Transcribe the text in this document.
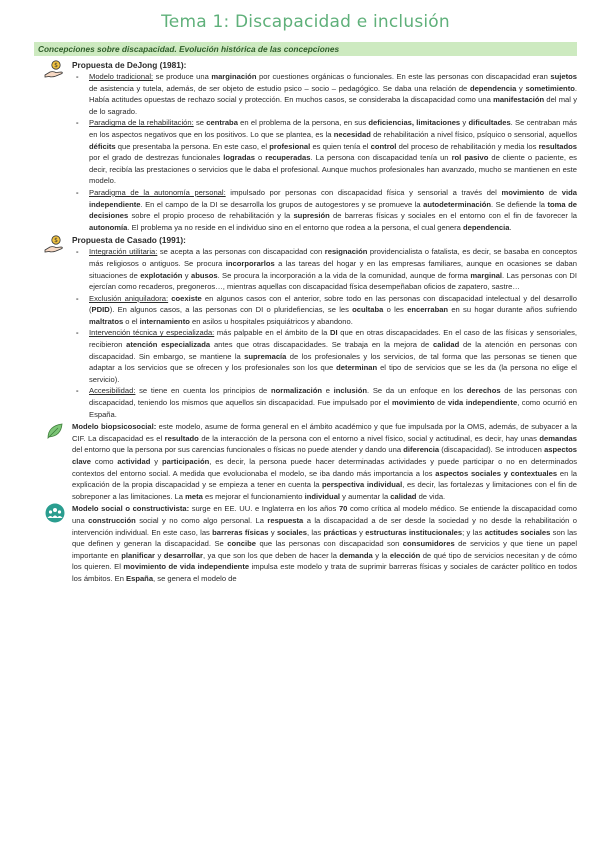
Tema 1: Discapacidad e inclusión
Concepciones sobre discapacidad. Evolución histórica de las concepciones
$ Propuesta de DeJong (1981):
- Modelo tradicional: se produce una marginación por cuestiones orgánicas o funcionales. En este las personas con discapacidad eran sujetos de asistencia y tutela, además, de ser objeto de estudio psico – socio – pedagógico. Se daba una relación de dependencia y sometimiento. Había actitudes opuestas de rechazo social y protección. En muchos casos, se consideraba la discapacidad como una manifestación del mal y de lo sagrado.
- Paradigma de la rehabilitación: se centraba en el problema de la persona, en sus deficiencias, limitaciones y dificultades. Se centraban más en los aspectos negativos que en los positivos. Lo que se plantea, es la necesidad de rehabilitación a nivel físico, psíquico o sensorial, aquellos déficits que presentaba la persona. En este caso, el profesional es quien tenía el control del proceso de rehabilitación y media los resultados por el grado de destrezas funcionales logradas o recuperadas. La persona con discapacidad tenía un rol pasivo de cliente o paciente, es decir, recibía las prestaciones o servicios que le daba el profesional. Aunque muchos profesionales han avanzado, mucho se mantienen en este modelo.
- Paradigma de la autonomía personal: impulsado por personas con discapacidad física y sensorial a través del movimiento de vida independiente. En el campo de la DI se desarrolla los grupos de autogestores y se promueve la autodeterminación. Se defiende la toma de decisiones sobre el propio proceso de rehabilitación y la supresión de barreras físicas y sociales en el entorno con el fin de favorecer la autonomía. El problema ya no reside en el individuo sino en el entorno que rodea a la persona, el cual genera dependencia.
$ Propuesta de Casado (1991):
- Integración utilitaria: se acepta a las personas con discapacidad con resignación providencialista o fatalista, es decir, se basaba en conceptos más religiosos o antiguos. Se procura incorporarlos a las tareas del hogar y en las empresas familiares, aunque en ocasiones se daban situaciones de explotación y abusos. Se procura la incorporación a la vida de la comunidad, aunque de forma marginal. Las personas con DI ejercían como recaderos, pregoneros…, mientras aquellas con discapacidad física desempeñaban oficios de zapatero, sastre…
- Exclusión aniquiladora: coexiste en algunos casos con el anterior, sobre todo en las personas con discapacidad intelectual y del desarrollo (PDID). En algunos casos, a las personas con DI o pluridefiencias, se les ocultaba o les encerraban en su hogar durante años sufriendo maltratos o el internamiento en asilos u hospitales psiquiátricos y abandono.
- Intervención técnica y especializada: más palpable en el ámbito de la DI que en otras discapacidades. En el caso de las físicas y sensoriales, recibieron atención especializada antes que otras discapacidades. Se trabaja en la mejora de calidad de la atención en personas con discapacidad. Sin embargo, se mantiene la supremacía de los profesionales y los servicios, de tal forma que las personas se tienen que adaptar a los servicios que se ofrecen y los profesionales son los que determinan el tipo de servicios que se les da (la persona no elige el servicio).
- Accesibilidad: se tiene en cuenta los principios de normalización e inclusión. Se da un enfoque en los derechos de las personas con discapacidad, teniendo los mismos que aquellos sin discapacidad. Fue impulsado por el movimiento de vida independiente, como ocurrió en España.
Modelo biopsicosocial: este modelo, asume de forma general en el ámbito académico y que fue impulsada por la OMS, además, de subyacer a la CIF. La discapacidad es el resultado de la interacción de la persona con el entorno a nivel físico, social y actitudinal, es decir, hay unas demandas del entorno que la persona por sus carencias funcionales o físicas no puede atender y dando una diferencia (discapacidad). Se introducen aspectos clave como actividad y participación, es decir, la persona puede hacer determinadas actividades y puede participar o no en determinados contextos del entorno social. A medida que evolucionaba el modelo, se iba dando más importancia a los aspectos sociales y contextuales en la explicación de la propia discapacidad y se empieza a tener en cuenta la perspectiva individual, es decir, las fortalezas y limitaciones con el fin de sobreponer a las limitaciones. La meta es mejorar el funcionamiento individual y aumentar la calidad de vida.
Modelo social o constructivista: surge en EE. UU. e Inglaterra en los años 70 como crítica al modelo médico. Se entiende la discapacidad como una construcción social y no como algo personal. La respuesta a la discapacidad a de ser desde la sociedad y no desde la rehabilitación o intervención individual. En este caso, las barreras físicas y sociales, las prácticas y estructuras institucionales; y las actitudes sociales son las que definen y generan la discapacidad. Se concibe que las personas con discapacidad son consumidores de servicios y que tiene un papel importante en planificar y desarrollar, ya que son los que deben de hacer la demanda y la elección de qué tipo de servicios necesitan y de cómo los quieren. El movimiento de vida independiente impulsa este modelo y trata de suprimir barreras físicas y sociales de carácter político en todos los ámbitos. En España, se genera el modelo de
